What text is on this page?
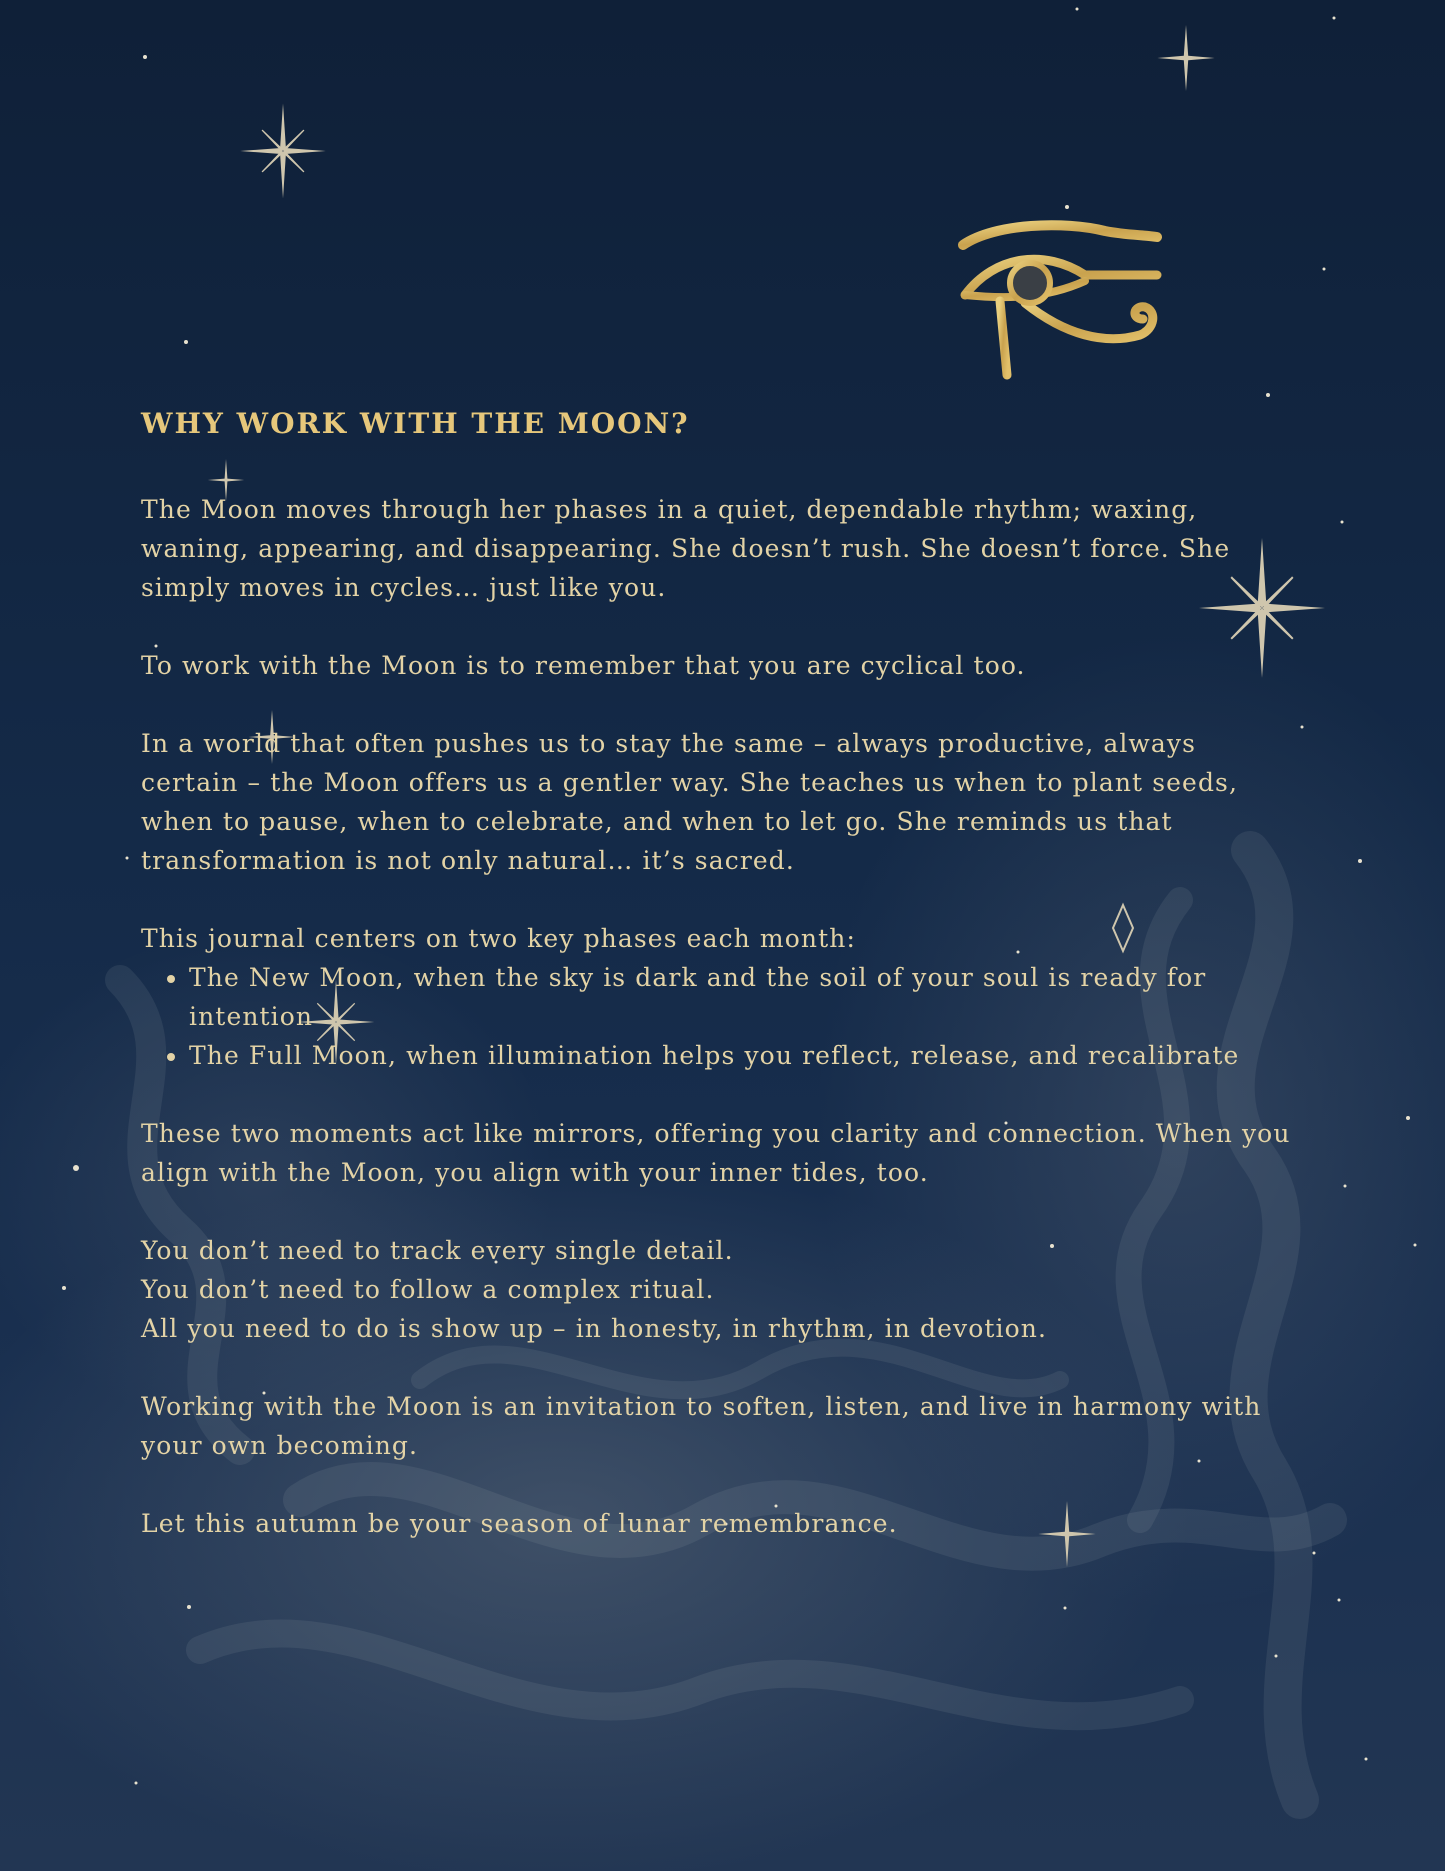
WHY WORK WITH THE MOON?

The Moon moves through her phases in a quiet, dependable rhythm; waxing, waning, appearing, and disappearing. She doesn’t rush. She doesn’t force. She simply moves in cycles… just like you.

To work with the Moon is to remember that you are cyclical too.

In a world that often pushes us to stay the same – always productive, always certain – the Moon offers us a gentler way. She teaches us when to plant seeds, when to pause, when to celebrate, and when to let go. She reminds us that transformation is not only natural… it’s sacred.

This journal centers on two key phases each month:

• The New Moon, when the sky is dark and the soil of your soul is ready for intention
• The Full Moon, when illumination helps you reflect, release, and recalibrate

These two moments act like mirrors, offering you clarity and connection. When you align with the Moon, you align with your inner tides, too.

You don’t need to track every single detail.
You don’t need to follow a complex ritual.
All you need to do is show up – in honesty, in rhythm, in devotion.

Working with the Moon is an invitation to soften, listen, and live in harmony with your own becoming.

Let this autumn be your season of lunar remembrance.
